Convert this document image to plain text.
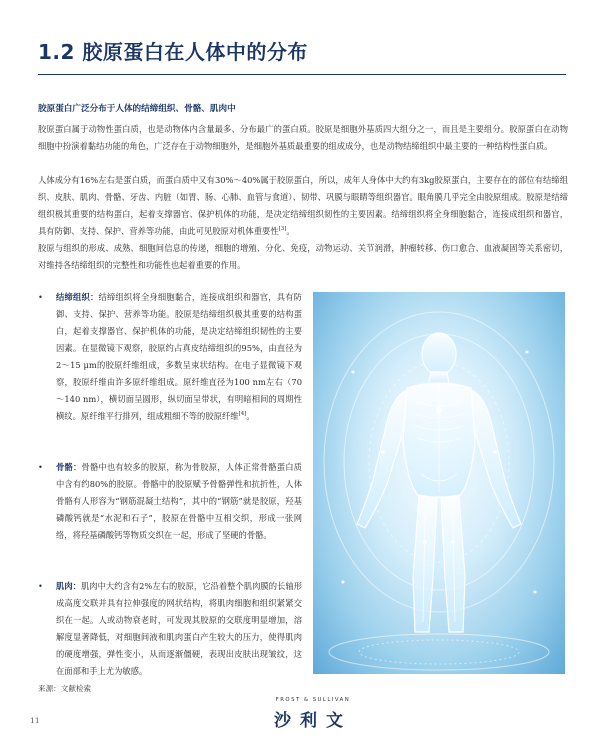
1.2 胶原蛋白在人体中的分布
胶原蛋白广泛分布于人体的结缔组织、骨骼、肌肉中

胶原蛋白属于动物性蛋白质，也是动物体内含量最多、分布最广的蛋白质。胶原是细胞外基质四大组分之一，而且是主要组分。胶原蛋白在动物细胞中扮演着黏结功能的角色，广泛存在于动物细胞外，是细胞外基质最重要的组成成分，也是动物结缔组织中最主要的一种结构性蛋白质。

人体成分有16%左右是蛋白质，而蛋白质中又有30%～40%属于胶原蛋白，所以，成年人身体中大约有3kg胶原蛋白，主要存在的部位有结缔组织、皮肤、肌肉、骨骼、牙齿、内脏（如胃、肠、心肺、血管与食道）、韧带、巩膜与眼睛等组织器官。眼角膜几乎完全由胶原组成。胶原是结缔组织极其重要的结构蛋白，起着支撑器官、保护机体的功能，是决定结缔组织韧性的主要因素。结缔组织将全身细胞黏合，连接成组织和器官，具有防御、支持、保护、营养等功能，由此可见胶原对机体重要性[3]。

胶原与组织的形成、成熟、细胞间信息的传递，细胞的增殖、分化、免疫，动物运动、关节润滑，肿瘤转移、伤口愈合、血液凝固等关系密切，对维持各结缔组织的完整性和功能性也起着重要的作用。

• 结缔组织：结缔组织将全身细胞黏合，连接成组织和器官，具有防御、支持、保护、营养等功能。胶原是结缔组织极其重要的结构蛋白，起着支撑器官、保护机体的功能，是决定结缔组织韧性的主要因素。在显微镜下观察，胶原约占真皮结缔组织的95%，由直径为2～15 μm的胶原纤维组成，多数呈束状结构。在电子显微镜下观察，胶原纤维由许多原纤维组成。原纤维直径为100 nm左右（70～140 nm），横切面呈圆形，纵切面呈带状，有明暗相间的周期性横纹。原纤维平行排列，组成粗细不等的胶原纤维[4]。
• 骨骼：骨骼中也有较多的胶原，称为骨胶原，人体正常骨骼蛋白质中含有约80%的胶原。骨骼中的胶原赋予骨骼弹性和抗折性，人体骨骼有人形容为“钢筋混凝土结构”，其中的“钢筋”就是胶原，羟基磷酸钙就是“水泥和石子”，胶原在骨骼中互相交织，形成一张网络，将羟基磷酸钙等物质交织在一起，形成了坚硬的骨骼。
• 肌肉：肌肉中大约含有2%左右的胶原，它沿着整个肌肉膜的长轴形成高度交联并具有拉伸强度的网状结构，将肌肉细胞和组织紧紧交织在一起。人或动物衰老时，可发现其胶原的交联度明显增加，溶解度显著降低，对细胞间液和肌肉蛋白产生较大的压力，使得肌肉的硬度增强，弹性变小，从而逐渐僵硬，表现出皮肤出现皱纹，这在面部和手上尤为敏感。
来源：文献检索
11
FROST & SULLIVAN
沙利文
